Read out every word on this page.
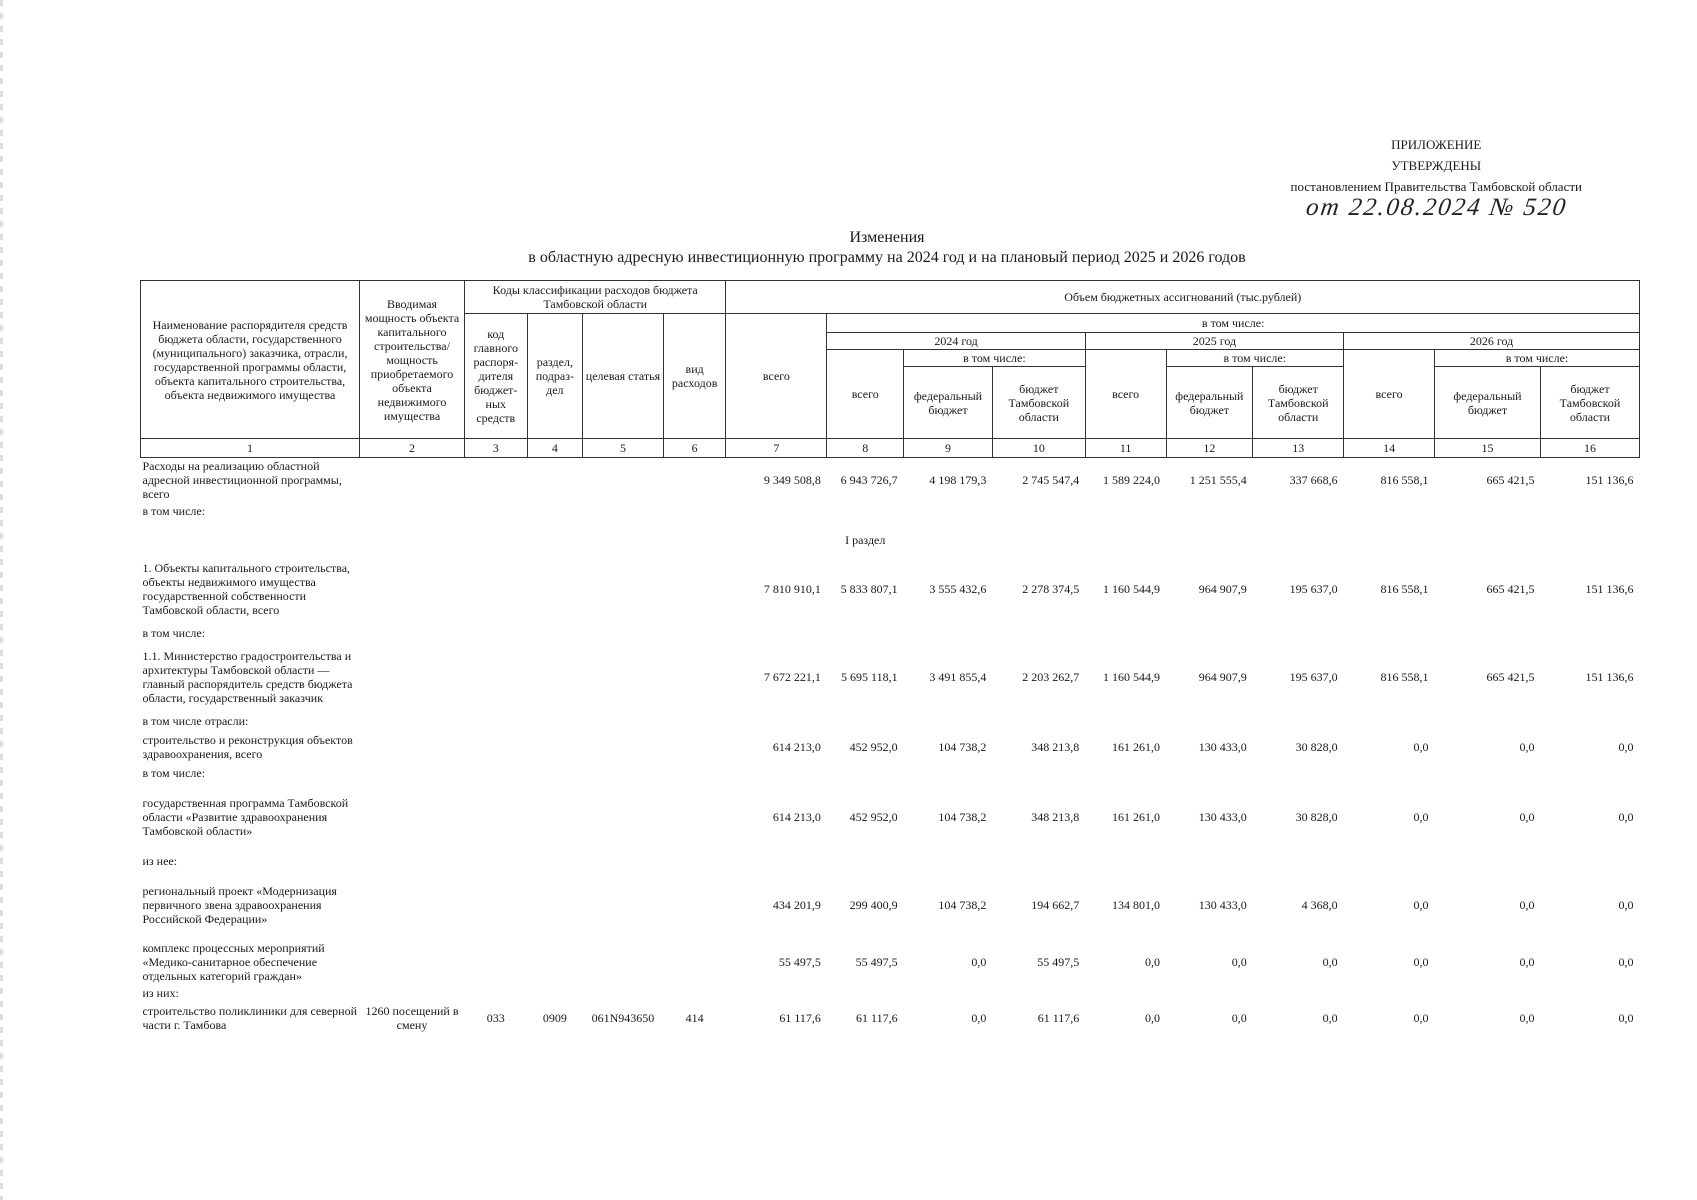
ПРИЛОЖЕНИЕ
УТВЕРЖДЕНЫ
постановлением Правительства Тамбовской области
от 22.08.2024 № 520
Изменения
в областную адресную инвестиционную программу на 2024 год и на плановый период 2025 и 2026 годов
Наименование распорядителя средств бюджета области, государственного (муниципального) заказчика, отрасли, государственной программы области, объекта капитального строительства, объекта недвижимого имущества	Вводимая мощность объекта капитального строительства/ мощность приобретаемого объекта недвижимого имущества	Коды классификации расходов бюджета Тамбовской области				Объем бюджетных ассигнований (тыс.рублей)									
		код главного распоря-дителя бюджет-ных средств	раздел, подраз-дел	целевая статья	вид расходов	всего	в том числе:								
							2024 год			2025 год			2026 год		
							всего	в том числе:		всего	в том числе:		всего	в том числе:	
								федеральный бюджет	бюджет Тамбовской области		федеральный бюджет	бюджет Тамбовской области		федеральный бюджет	бюджет Тамбовской области
1	2	3	4	5	6	7	8	9	10	11	12	13	14	15	16
Расходы на реализацию областной адресной инвестиционной программы, всего						9 349 508,8	6 943 726,7	4 198 179,3	2 745 547,4	1 589 224,0	1 251 555,4	337 668,6	816 558,1	665 421,5	151 136,6
в том числе:															
							I раздел								
1. Объекты капитального строительства, объекты недвижимого имущества государственной собственности Тамбовской области, всего						7 810 910,1	5 833 807,1	3 555 432,6	2 278 374,5	1 160 544,9	964 907,9	195 637,0	816 558,1	665 421,5	151 136,6
в том числе:															
1.1. Министерство градостроительства и архитектуры Тамбовской области — главный распорядитель средств бюджета области, государственный заказчик						7 672 221,1	5 695 118,1	3 491 855,4	2 203 262,7	1 160 544,9	964 907,9	195 637,0	816 558,1	665 421,5	151 136,6
в том числе отрасли:															
строительство и реконструкция объектов здравоохранения, всего						614 213,0	452 952,0	104 738,2	348 213,8	161 261,0	130 433,0	30 828,0	0,0	0,0	0,0
в том числе:															
государственная программа Тамбовской области «Развитие здравоохранения Тамбовской области»						614 213,0	452 952,0	104 738,2	348 213,8	161 261,0	130 433,0	30 828,0	0,0	0,0	0,0
из нее:															
региональный проект «Модернизация первичного звена здравоохранения Российской Федерации»						434 201,9	299 400,9	104 738,2	194 662,7	134 801,0	130 433,0	4 368,0	0,0	0,0	0,0
комплекс процессных мероприятий «Медико-санитарное обеспечение отдельных категорий граждан»						55 497,5	55 497,5	0,0	55 497,5	0,0	0,0	0,0	0,0	0,0	0,0
из них:															
строительство поликлиники для северной части г. Тамбова	1260 посещений в смену	033	0909	061N943650	414	61 117,6	61 117,6	0,0	61 117,6	0,0	0,0	0,0	0,0	0,0	0,0
